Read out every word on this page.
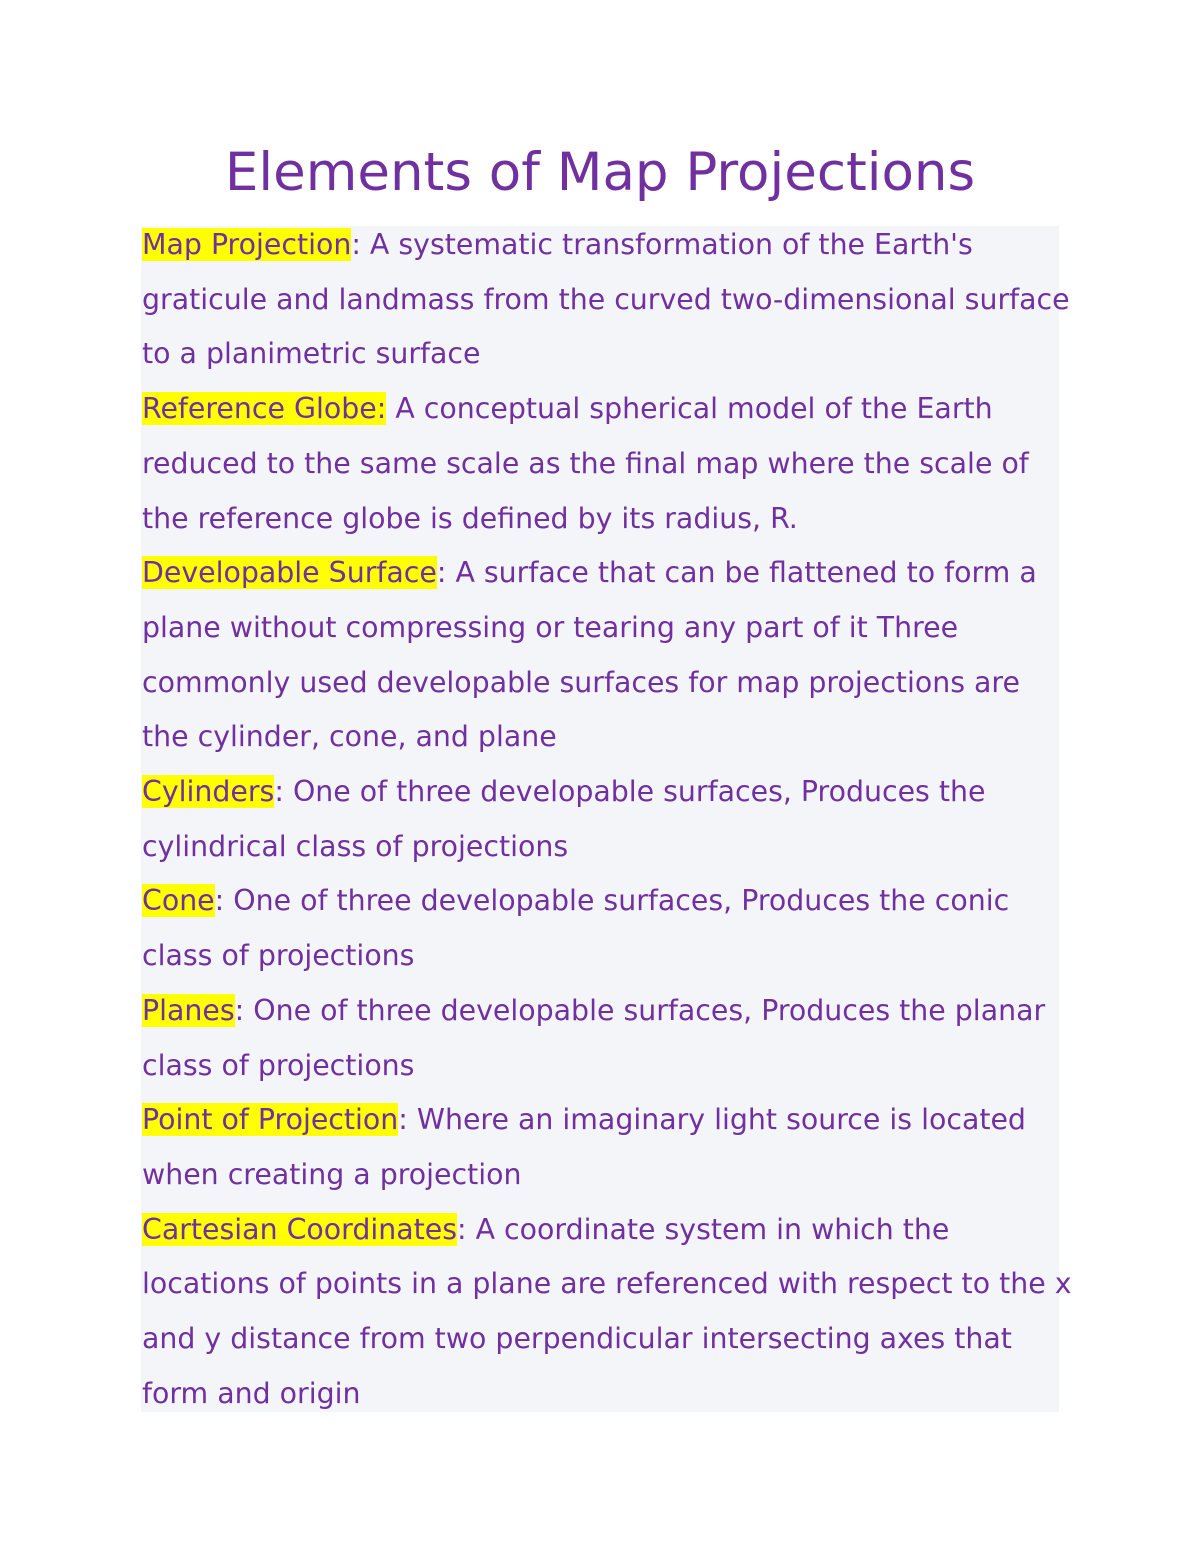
Elements of Map Projections

Map Projection: A systematic transformation of the Earth's graticule and landmass from the curved two-dimensional surface to a planimetric surface

Reference Globe: A conceptual spherical model of the Earth reduced to the same scale as the final map where the scale of the reference globe is defined by its radius, R.

Developable Surface: A surface that can be flattened to form a plane without compressing or tearing any part of it Three commonly used developable surfaces for map projections are the cylinder, cone, and plane

Cylinders: One of three developable surfaces, Produces the cylindrical class of projections

Cone: One of three developable surfaces, Produces the conic class of projections

Planes: One of three developable surfaces, Produces the planar class of projections

Point of Projection: Where an imaginary light source is located when creating a projection

Cartesian Coordinates: A coordinate system in which the locations of points in a plane are referenced with respect to the x and y distance from two perpendicular intersecting axes that form and origin
